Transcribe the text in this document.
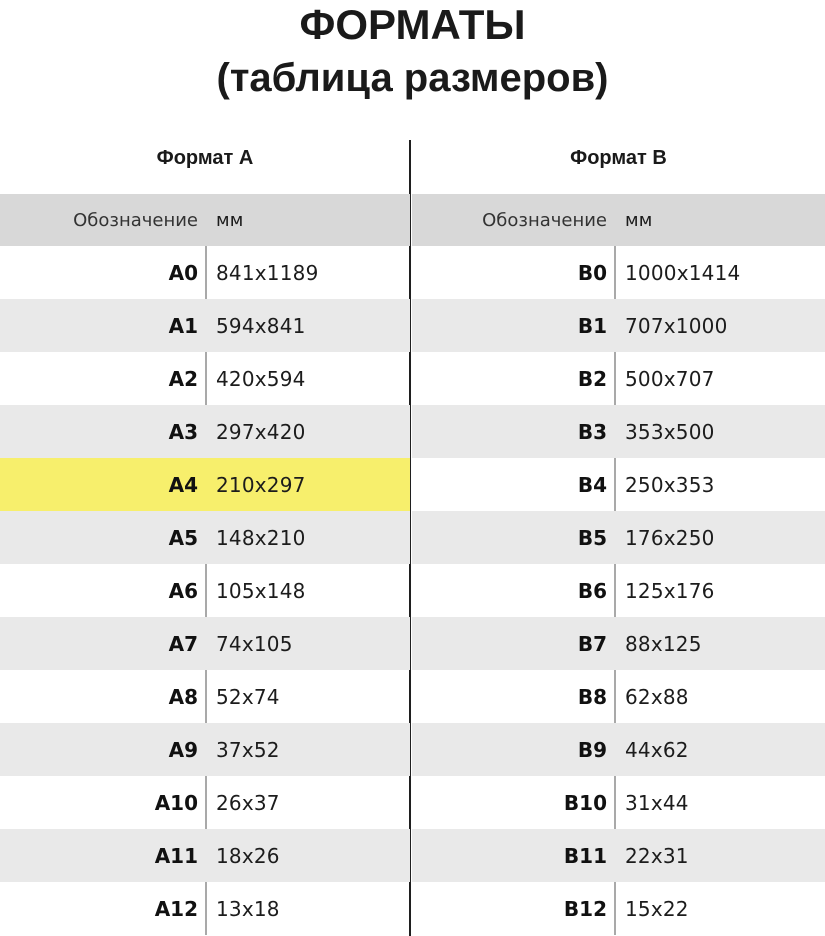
ФОРМАТЫ
(таблица размеров)
Формат А
Обозначение	мм
А0 841x1189
А1 594x841
А2 420x594
А3 297x420
А4 210x297
А5 148x210
А6 105x148
А7 74x105
А8 52x74
А9 37x52
А10 26x37
А11 18x26
А12 13x18
Формат В
Обозначение	мм
В0 1000x1414
В1 707x1000
В2 500x707
В3 353x500
В4 250x353
В5 176x250
В6 125x176
В7 88x125
В8 62x88
В9 44x62
В10 31x44
В11 22x31
В12 15x22
